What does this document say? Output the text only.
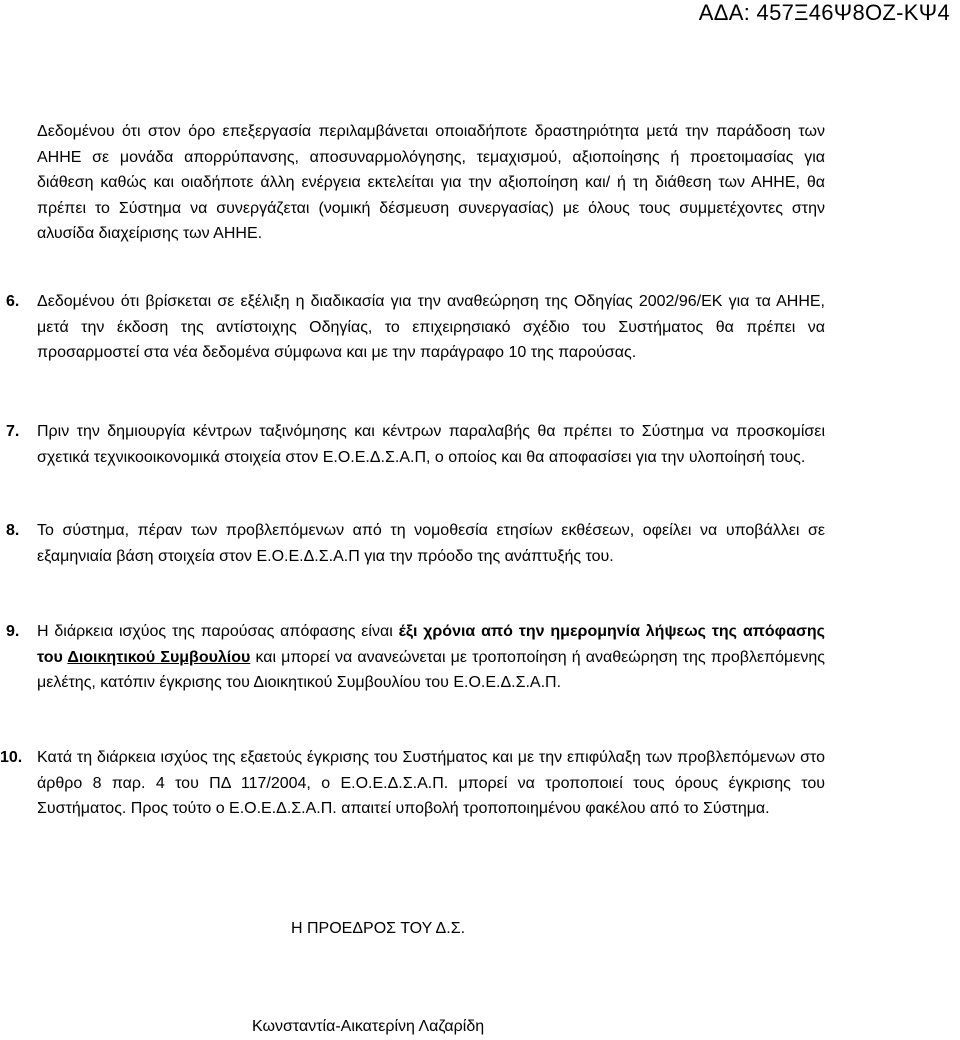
ΑΔΑ: 457Ξ46Ψ8ΟΖ-ΚΨ4

Δεδομένου ότι στον όρο επεξεργασία περιλαμβάνεται οποιαδήποτε δραστηριότητα μετά την παράδοση των ΑΗΗΕ σε μονάδα απορρύπανσης, αποσυναρμολόγησης, τεμαχισμού, αξιοποίησης ή προετοιμασίας για διάθεση καθώς και οιαδήποτε άλλη ενέργεια εκτελείται για την αξιοποίηση και/ ή τη διάθεση των ΑΗΗΕ, θα πρέπει το Σύστημα να συνεργάζεται (νομική δέσμευση συνεργασίας) με όλους τους συμμετέχοντες στην αλυσίδα διαχείρισης των ΑΗΗΕ.

6. Δεδομένου ότι βρίσκεται σε εξέλιξη η διαδικασία για την αναθεώρηση της Οδηγίας 2002/96/ΕΚ για τα ΑΗΗΕ, μετά την έκδοση της αντίστοιχης Οδηγίας, το επιχειρησιακό σχέδιο του Συστήματος θα πρέπει να προσαρμοστεί στα νέα δεδομένα σύμφωνα και με την παράγραφο 10 της παρούσας.

7. Πριν την δημιουργία κέντρων ταξινόμησης και κέντρων παραλαβής θα πρέπει το Σύστημα να προσκομίσει σχετικά τεχνικοοικονομικά στοιχεία στον Ε.Ο.Ε.Δ.Σ.Α.Π, ο οποίος και θα αποφασίσει για την υλοποίησή τους.

8. Το σύστημα, πέραν των προβλεπόμενων από τη νομοθεσία ετησίων εκθέσεων, οφείλει να υποβάλλει σε εξαμηνιαία βάση στοιχεία στον Ε.Ο.Ε.Δ.Σ.Α.Π για την πρόοδο της ανάπτυξής του.

9. Η διάρκεια ισχύος της παρούσας απόφασης είναι έξι χρόνια από την ημερομηνία λήψεως της απόφασης του Διοικητικού Συμβουλίου και μπορεί να ανανεώνεται με τροποποίηση ή αναθεώρηση της προβλεπόμενης μελέτης, κατόπιν έγκρισης του Διοικητικού Συμβουλίου του Ε.Ο.Ε.Δ.Σ.Α.Π.

10. Κατά τη διάρκεια ισχύος της εξαετούς έγκρισης του Συστήματος και με την επιφύλαξη των προβλεπόμενων στο άρθρο 8 παρ. 4 του ΠΔ 117/2004, ο Ε.Ο.Ε.Δ.Σ.Α.Π. μπορεί να τροποποιεί τους όρους έγκρισης του Συστήματος. Προς τούτο ο Ε.Ο.Ε.Δ.Σ.Α.Π. απαιτεί υποβολή τροποποιημένου φακέλου από το Σύστημα.

Η ΠΡΟΕΔΡΟΣ ΤΟΥ Δ.Σ.
Κωνσταντία-Αικατερίνη Λαζαρίδη
